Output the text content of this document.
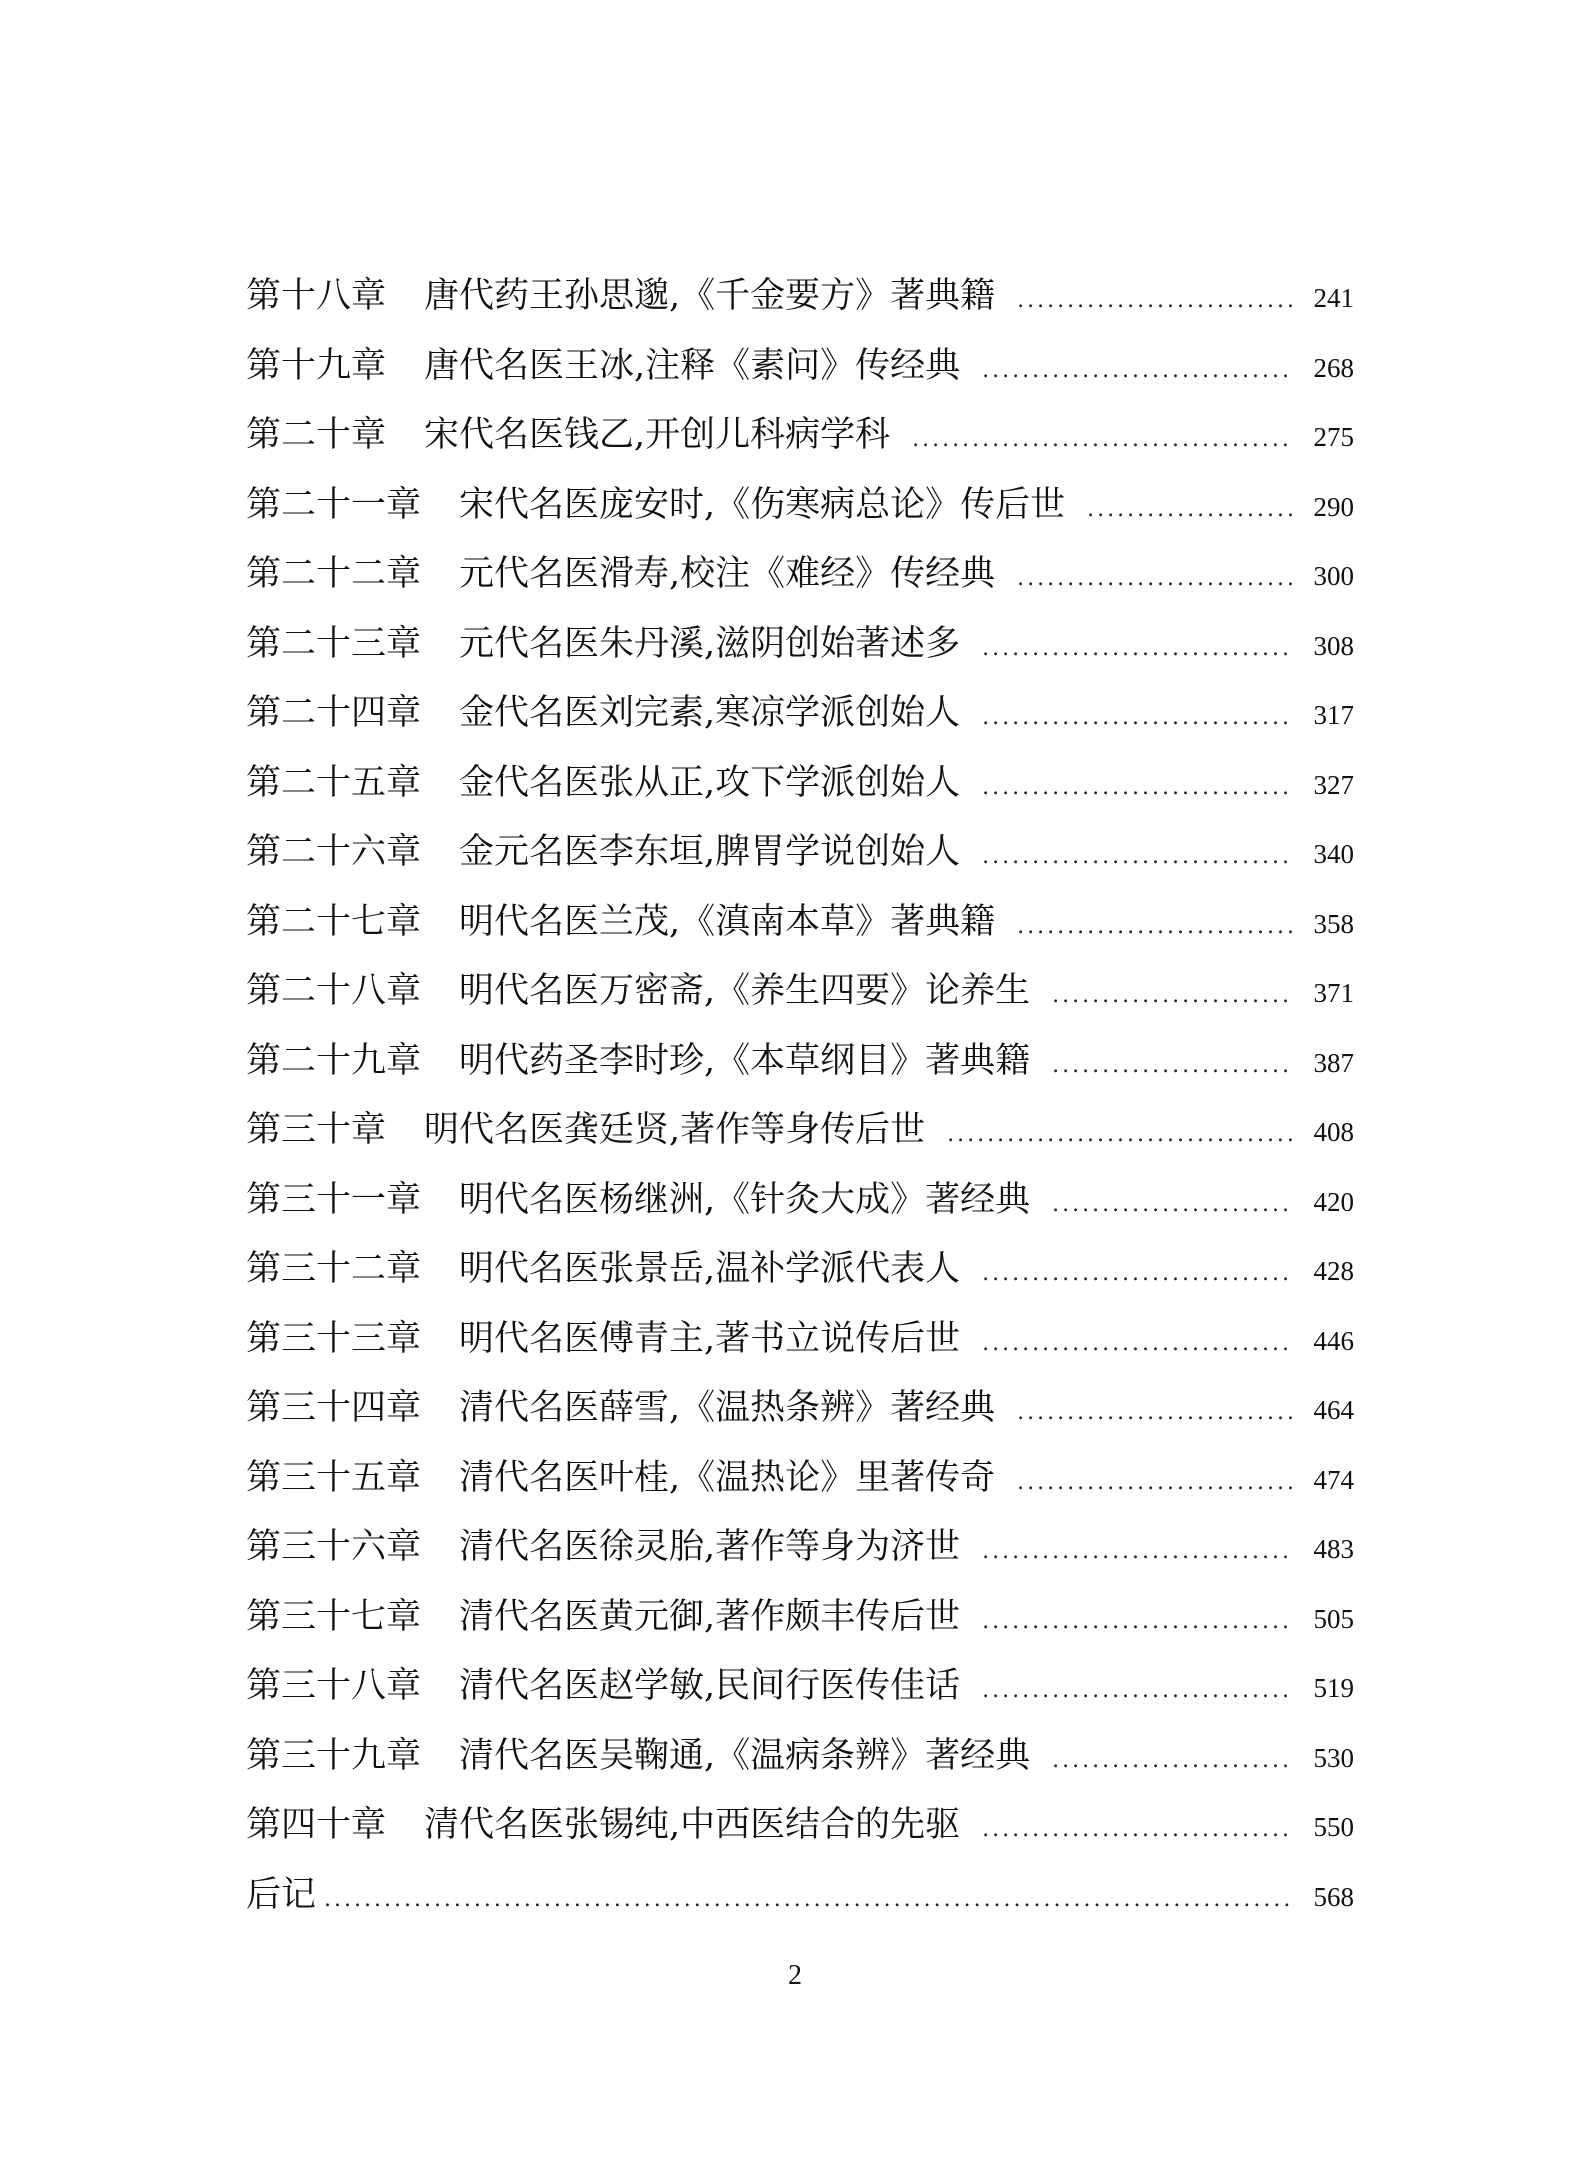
第十八章 唐代药王孙思邈,《千金要方》著典籍 .....	241
第十九章 唐代名医王冰,注释《素问》传经典 .....	268
第二十章 宋代名医钱乙,开创儿科病学科 .....	275
第二十一章 宋代名医庞安时,《伤寒病总论》传后世 .....	290
第二十二章 元代名医滑寿,校注《难经》传经典 .....	300
第二十三章 元代名医朱丹溪,滋阴创始著述多 .....	308
第二十四章 金代名医刘完素,寒凉学派创始人 .....	317
第二十五章 金代名医张从正,攻下学派创始人 .....	327
第二十六章 金元名医李东垣,脾胃学说创始人 .....	340
第二十七章 明代名医兰茂,《滇南本草》著典籍 .....	358
第二十八章 明代名医万密斋,《养生四要》论养生 .....	371
第二十九章 明代药圣李时珍,《本草纲目》著典籍 .....	387
第三十章 明代名医龚廷贤,著作等身传后世 .....	408
第三十一章 明代名医杨继洲,《针灸大成》著经典 .....	420
第三十二章 明代名医张景岳,温补学派代表人 .....	428
第三十三章 明代名医傅青主,著书立说传后世 .....	446
第三十四章 清代名医薛雪,《温热条辨》著经典 .....	464
第三十五章 清代名医叶桂,《温热论》里著传奇 .....	474
第三十六章 清代名医徐灵胎,著作等身为济世 .....	483
第三十七章 清代名医黄元御,著作颇丰传后世 .....	505
第三十八章 清代名医赵学敏,民间行医传佳话 .....	519
第三十九章 清代名医吴鞠通,《温病条辨》著经典 .....	530
第四十章 清代名医张锡纯,中西医结合的先驱 .....	550
后记 .....	568
2
